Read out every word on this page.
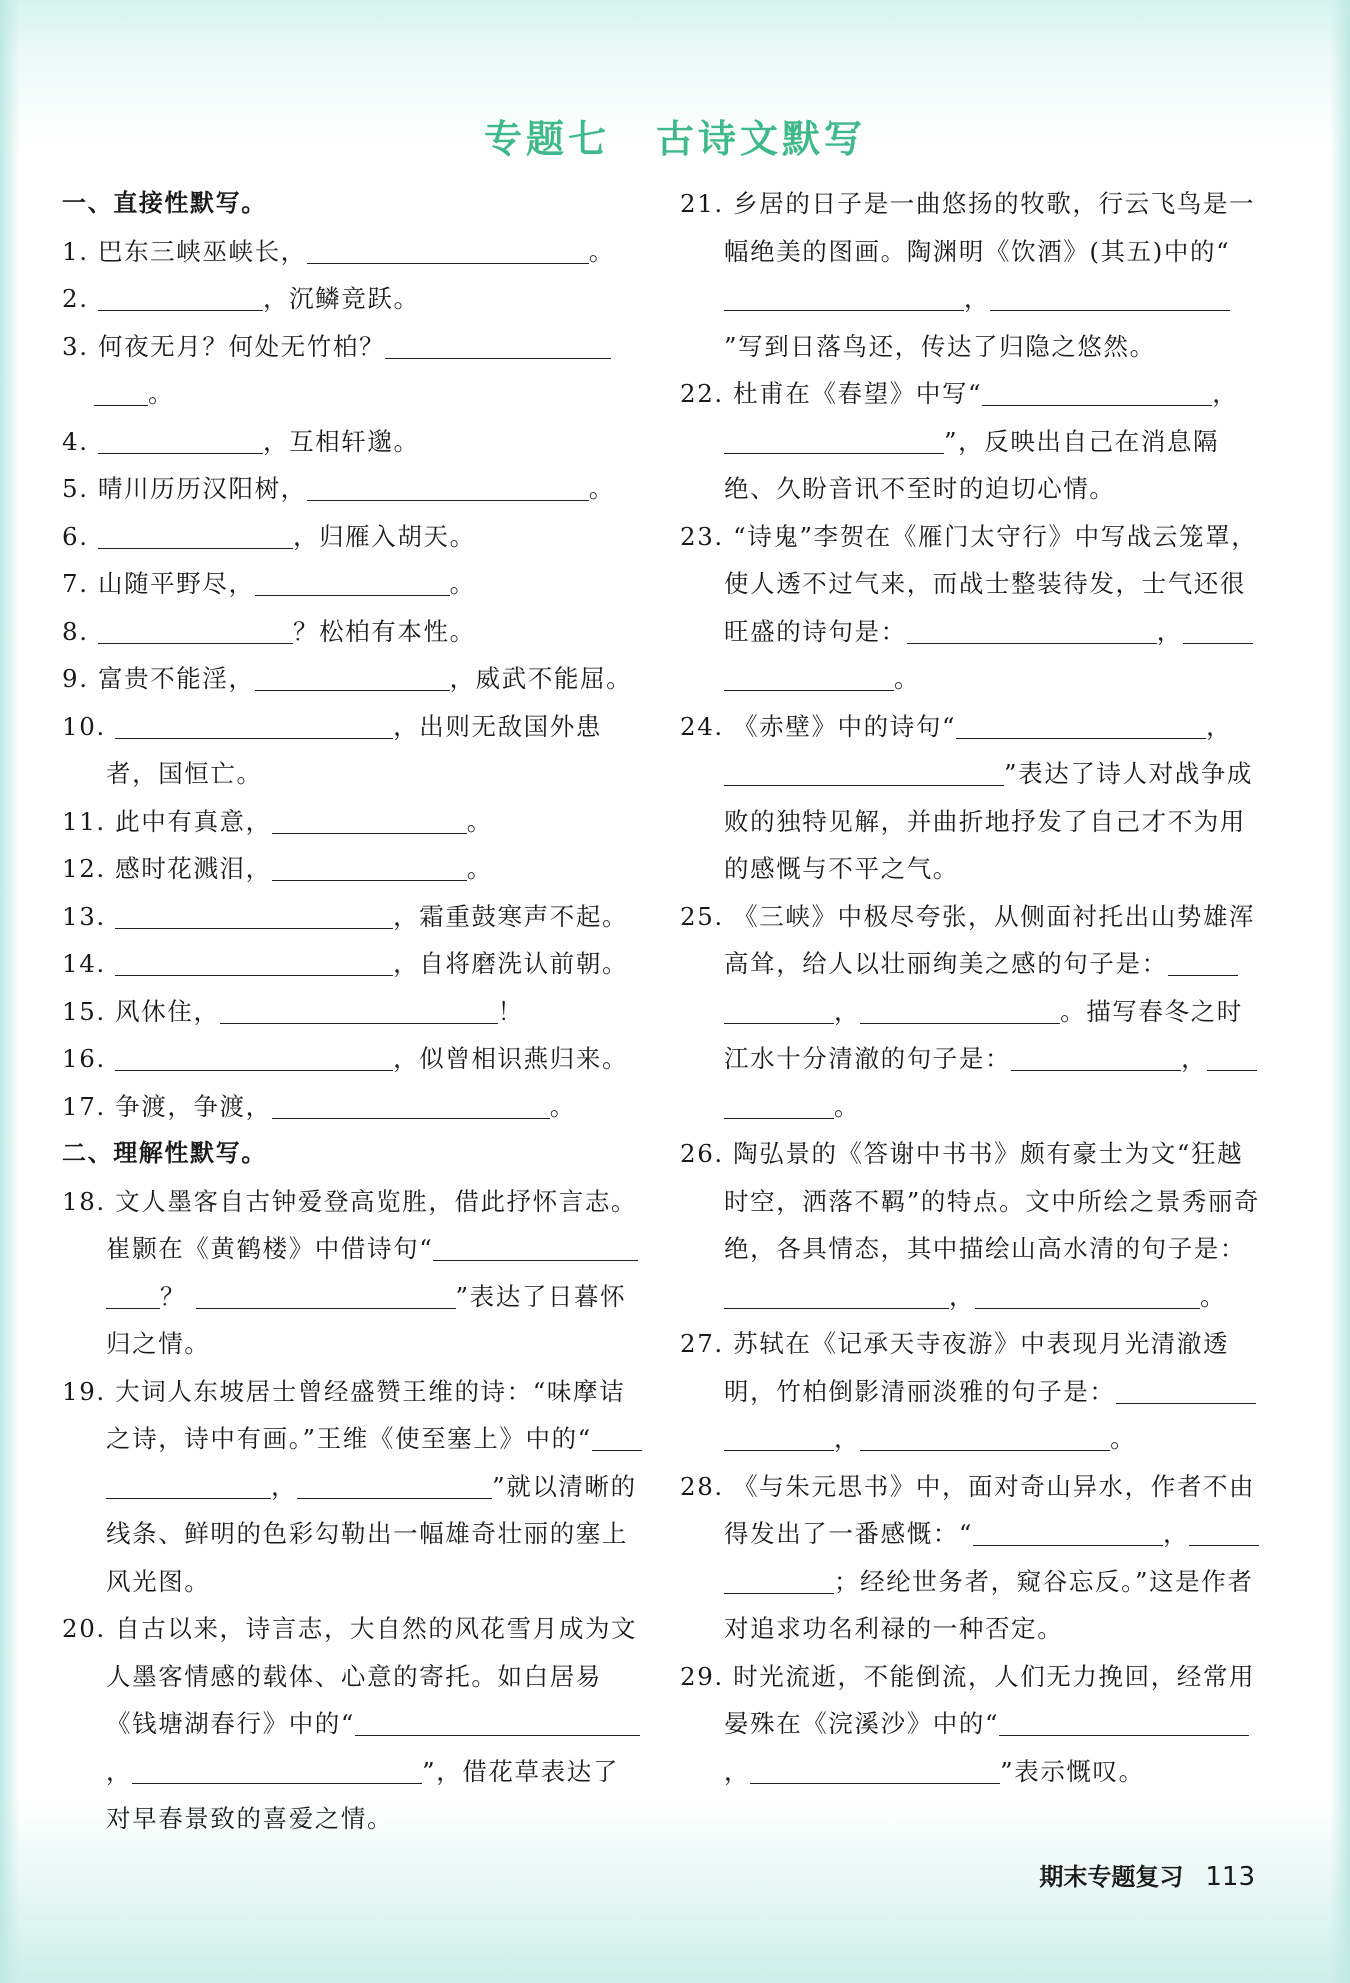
专题七 古诗文默写
一、直接性默写。
1. 巴东三峡巫峡长，	。
2.	，沉鳞竞跃。
3. 何夜无月？何处无竹柏？
。
4.	，互相轩邈。
5. 晴川历历汉阳树，	。
6.	，归雁入胡天。
7. 山随平野尽，	。
8.	？松柏有本性。
9. 富贵不能淫，	，威武不能屈。
10.	，出则无敌国外患者，国恒亡。
11. 此中有真意，	。
12. 感时花溅泪，	。
13.	，霜重鼓寒声不起。
14.	，自将磨洗认前朝。
15. 风休住，	！
16.	，似曾相识燕归来。
17. 争渡，争渡，	。
二、理解性默写。
18. 文人墨客自古钟爱登高览胜，借此抒怀言志。崔颢在《黄鹤楼》中借诗句“？	”表达了日暮怀归之情。
19. 大词人东坡居士曾经盛赞王维的诗：“味摩诘之诗，诗中有画。”王维《使至塞上》中的“，	”就以清晰的线条、鲜明的色彩勾勒出一幅雄奇壮丽的塞上风光图。
20. 自古以来，诗言志，大自然的风花雪月成为文人墨客情感的载体、心意的寄托。如白居易《钱塘湖春行》中的“，	”，借花草表达了对早春景致的喜爱之情。
21. 乡居的日子是一曲悠扬的牧歌，行云飞鸟是一幅绝美的图画。陶渊明《饮酒》(其五)中的“，”写到日落鸟还，传达了归隐之悠然。
22. 杜甫在《春望》中写“	，”，反映出自己在消息隔绝、久盼音讯不至时的迫切心情。
23. “诗鬼”李贺在《雁门太守行》中写战云笼罩，使人透不过气来，而战士整装待发，士气还很旺盛的诗句是：	，。
24. 《赤壁》中的诗句“	，”表达了诗人对战争成败的独特见解，并曲折地抒发了自己才不为用的感慨与不平之气。
25. 《三峡》中极尽夸张，从侧面衬托出山势雄浑高耸，给人以壮丽绚美之感的句子是：，	。描写春冬之时江水十分清澈的句子是：	，。
26. 陶弘景的《答谢中书书》颇有豪士为文“狂越时空，洒落不羁”的特点。文中所绘之景秀丽奇绝，各具情态，其中描绘山高水清的句子是：，	。
27. 苏轼在《记承天寺夜游》中表现月光清澈透明，竹柏倒影清丽淡雅的句子是：，	。
28. 《与朱元思书》中，面对奇山异水，作者不由得发出了一番感慨：“	，；经纶世务者，窥谷忘反。”这是作者对追求功名利禄的一种否定。
29. 时光流逝，不能倒流，人们无力挽回，经常用晏殊在《浣溪沙》中的“，	”表示慨叹。
期末专题复习 113
